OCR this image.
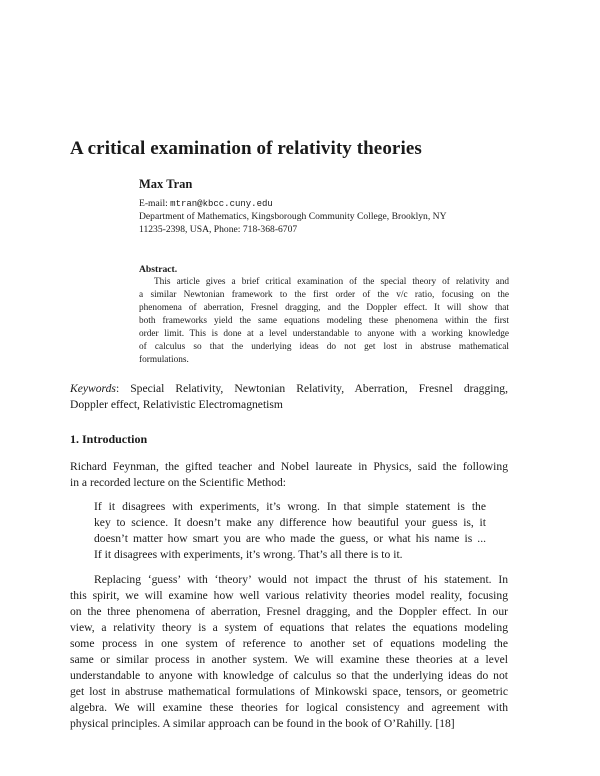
A critical examination of relativity theories
Max Tran
E-mail: mtran@kbcc.cuny.edu
Department of Mathematics, Kingsborough Community College, Brooklyn, NY
11235-2398, USA, Phone: 718-368-6707
Abstract.
This article gives a brief critical examination of the special theory of relativity and
a similar Newtonian framework to the first order of the v/c ratio, focusing on the
phenomena of aberration, Fresnel dragging, and the Doppler effect. It will show that
both frameworks yield the same equations modeling these phenomena within the first
order limit. This is done at a level understandable to anyone with a working knowledge
of calculus so that the underlying ideas do not get lost in abstruse mathematical
formulations.
Keywords: Special Relativity, Newtonian Relativity, Aberration, Fresnel dragging,
Doppler effect, Relativistic Electromagnetism
1. Introduction
Richard Feynman, the gifted teacher and Nobel laureate in Physics, said the following
in a recorded lecture on the Scientific Method:
If it disagrees with experiments, it’s wrong. In that simple statement is the
key to science. It doesn’t make any difference how beautiful your guess is, it
doesn’t matter how smart you are who made the guess, or what his name is ...
If it disagrees with experiments, it’s wrong. That’s all there is to it.
Replacing ‘guess’ with ‘theory’ would not impact the thrust of his statement. In
this spirit, we will examine how well various relativity theories model reality, focusing
on the three phenomena of aberration, Fresnel dragging, and the Doppler effect. In our
view, a relativity theory is a system of equations that relates the equations modeling
some process in one system of reference to another set of equations modeling the
same or similar process in another system. We will examine these theories at a level
understandable to anyone with knowledge of calculus so that the underlying ideas do not
get lost in abstruse mathematical formulations of Minkowski space, tensors, or geometric
algebra. We will examine these theories for logical consistency and agreement with
physical principles. A similar approach can be found in the book of O’Rahilly. [18]
